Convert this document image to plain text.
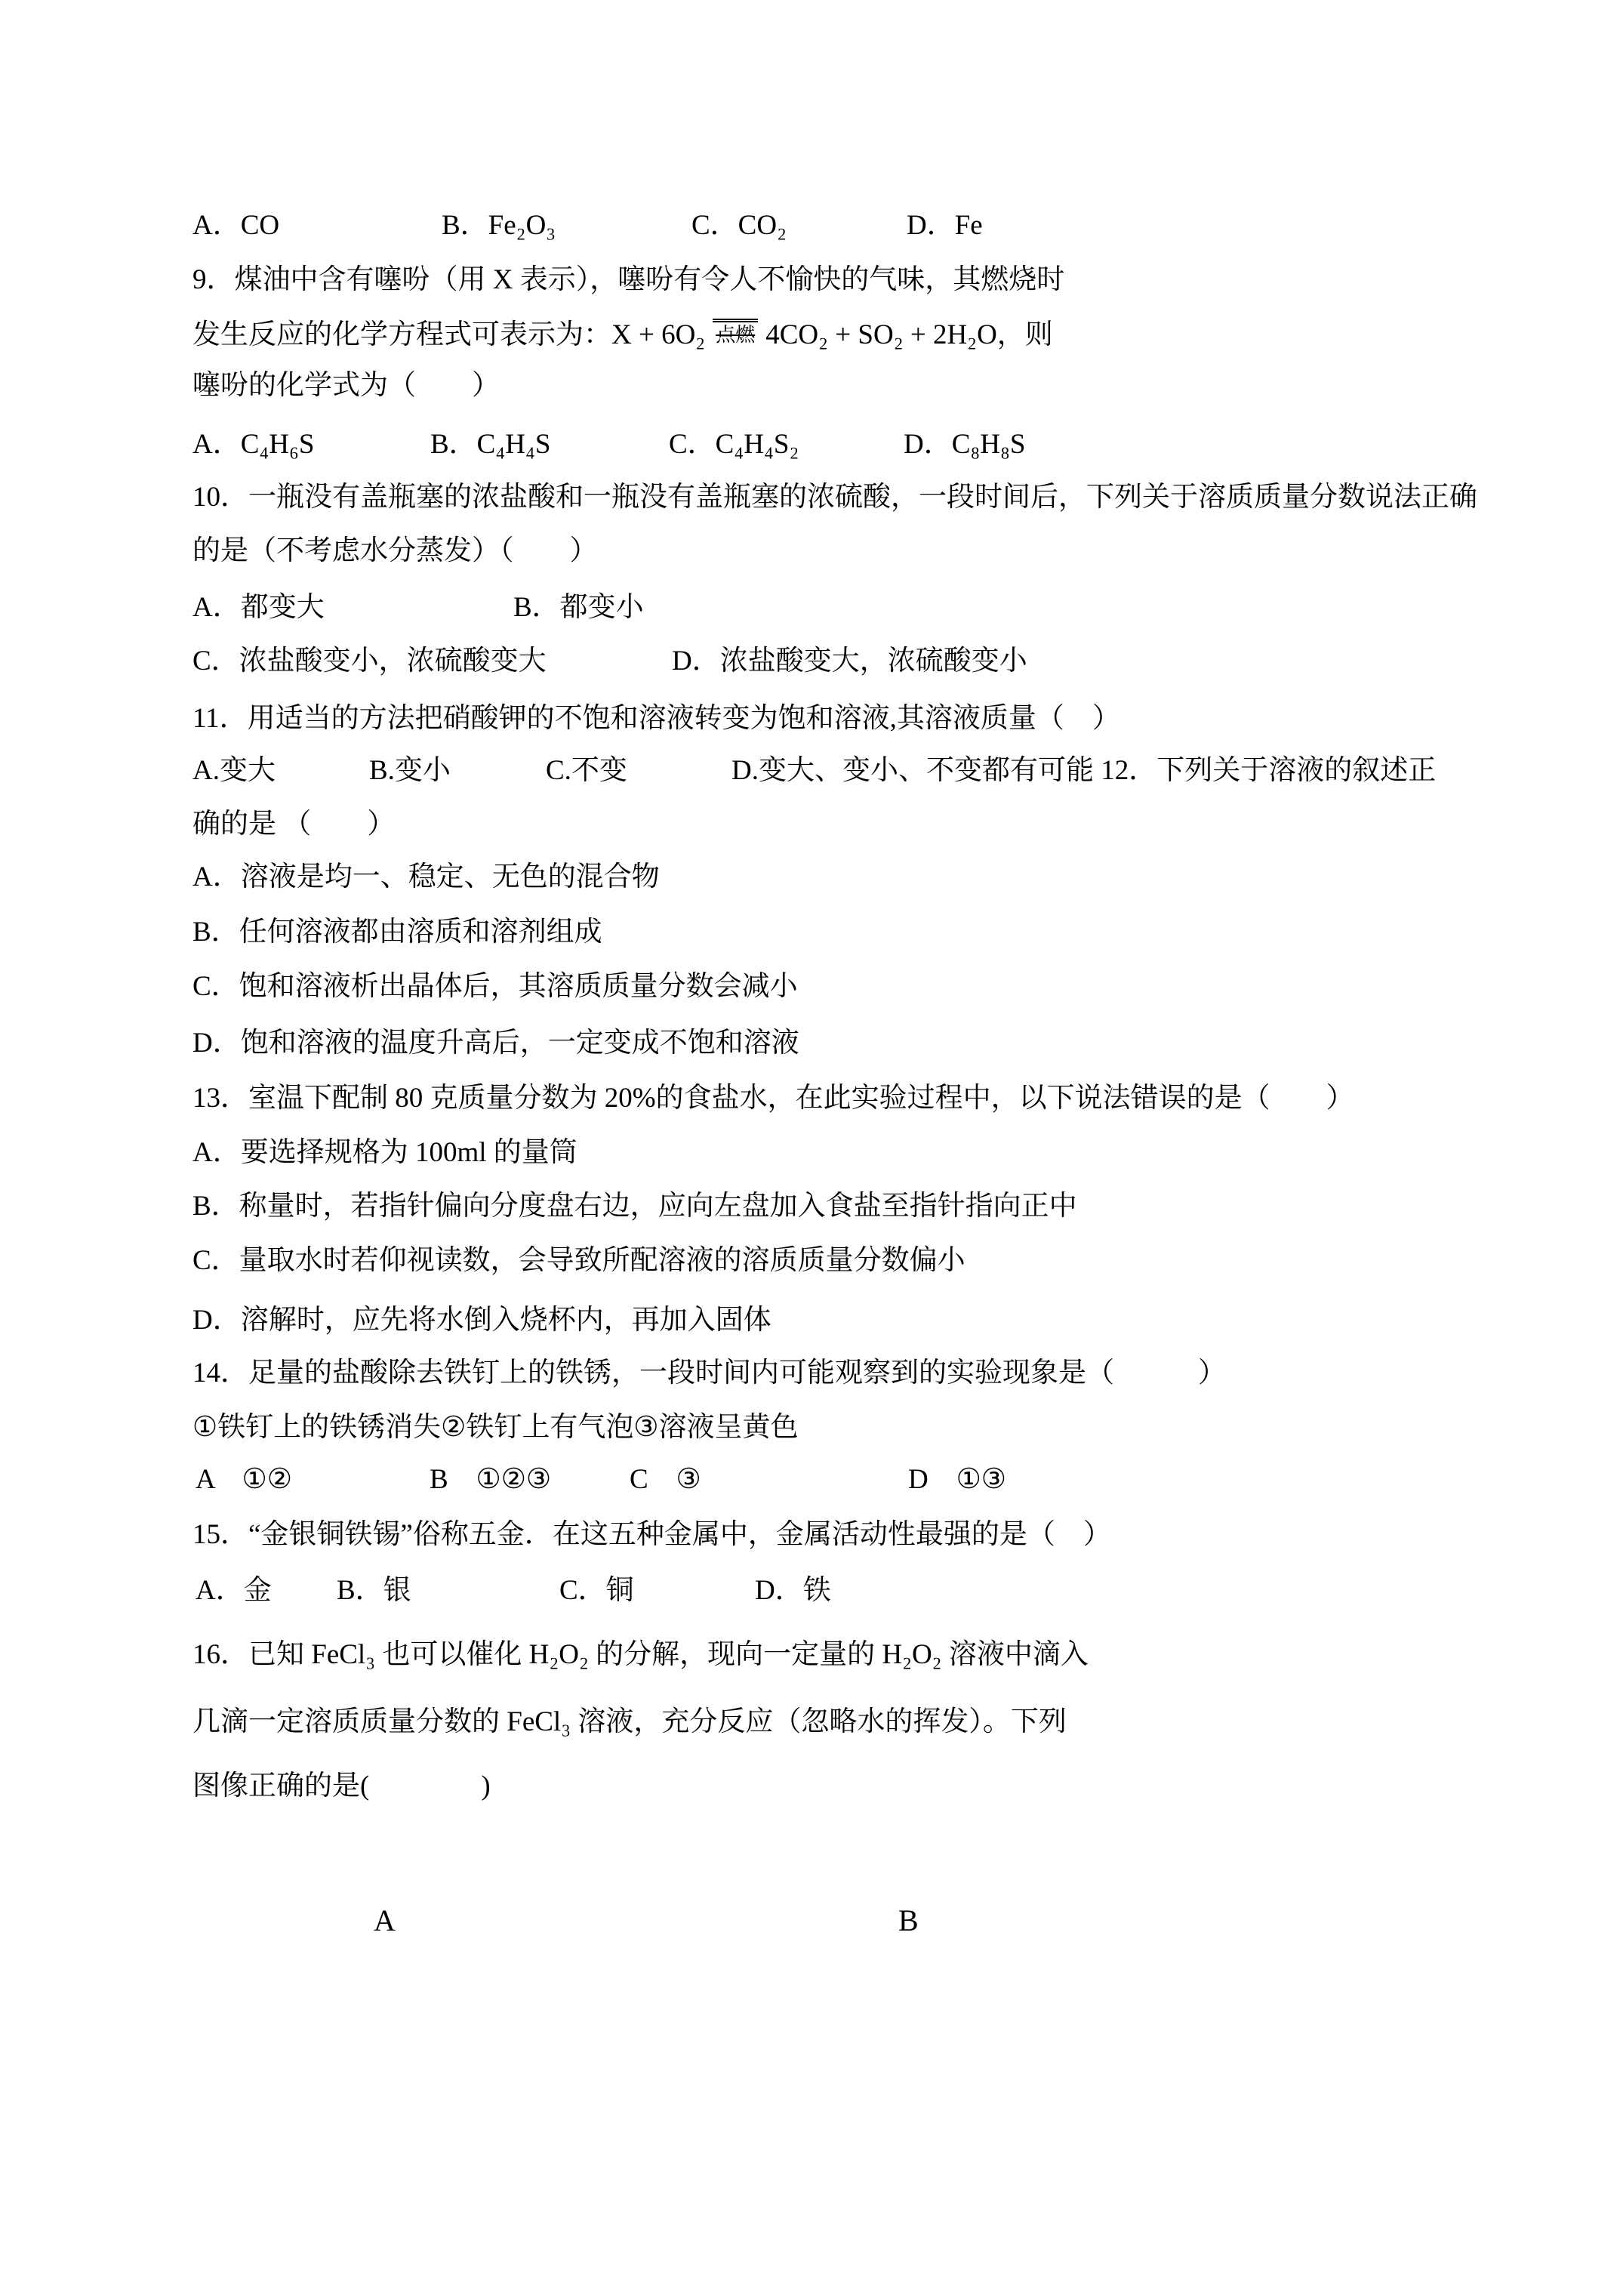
A．CO	B．Fe₂O₃	C．CO₂	D．Fe
9．煤油中含有噻吩（用 X 表示），噻吩有令人不愉快的气味，其燃烧时
发生反应的化学方程式可表示为：X + 6O₂ 点燃 4CO₂ + SO₂ + 2H₂O，则
噻吩的化学式为（　　）
A．C₄H₆S	B．C₄H₄S	C．C₄H₄S₂	D．C₈H₈S
10．一瓶没有盖瓶塞的浓盐酸和一瓶没有盖瓶塞的浓硫酸，一段时间后，下列关于溶质质量分数说法正确
的是（不考虑水分蒸发）（　　）
A．都变大	B．都变小
C．浓盐酸变小，浓硫酸变大	D．浓盐酸变大，浓硫酸变小
11．用适当的方法把硝酸钾的不饱和溶液转变为饱和溶液,其溶液质量（　）
A.变大	B.变小	C.不变	D.变大、变小、不变都有可能 12．下列关于溶液的叙述正
确的是 （　　）
A．溶液是均一、稳定、无色的混合物
B．任何溶液都由溶质和溶剂组成
C．饱和溶液析出晶体后，其溶质质量分数会减小
D．饱和溶液的温度升高后，一定变成不饱和溶液
13．室温下配制 80 克质量分数为 20%的食盐水，在此实验过程中，以下说法错误的是（　　）
A．要选择规格为 100ml 的量筒
B．称量时，若指针偏向分度盘右边，应向左盘加入食盐至指针指向正中
C．量取水时若仰视读数，会导致所配溶液的溶质质量分数偏小
D．溶解时，应先将水倒入烧杯内，再加入固体
14．足量的盐酸除去铁钉上的铁锈，一段时间内可能观察到的实验现象是（　　　）
①铁钉上的铁锈消失②铁钉上有气泡③溶液呈黄色
A　①②	B　①②③	C　③	D　①③
15．“金银铜铁锡”俗称五金．在这五种金属中，金属活动性最强的是（　）
A．金 B．银	C．铜	D．铁
16．已知 FeCl₃ 也可以催化 H₂O₂ 的分解，现向一定量的 H₂O₂ 溶液中滴入
几滴一定溶质质量分数的 FeCl₃ 溶液，充分反应（忽略水的挥发）。下列
图像正确的是(　　　　)
A	B
